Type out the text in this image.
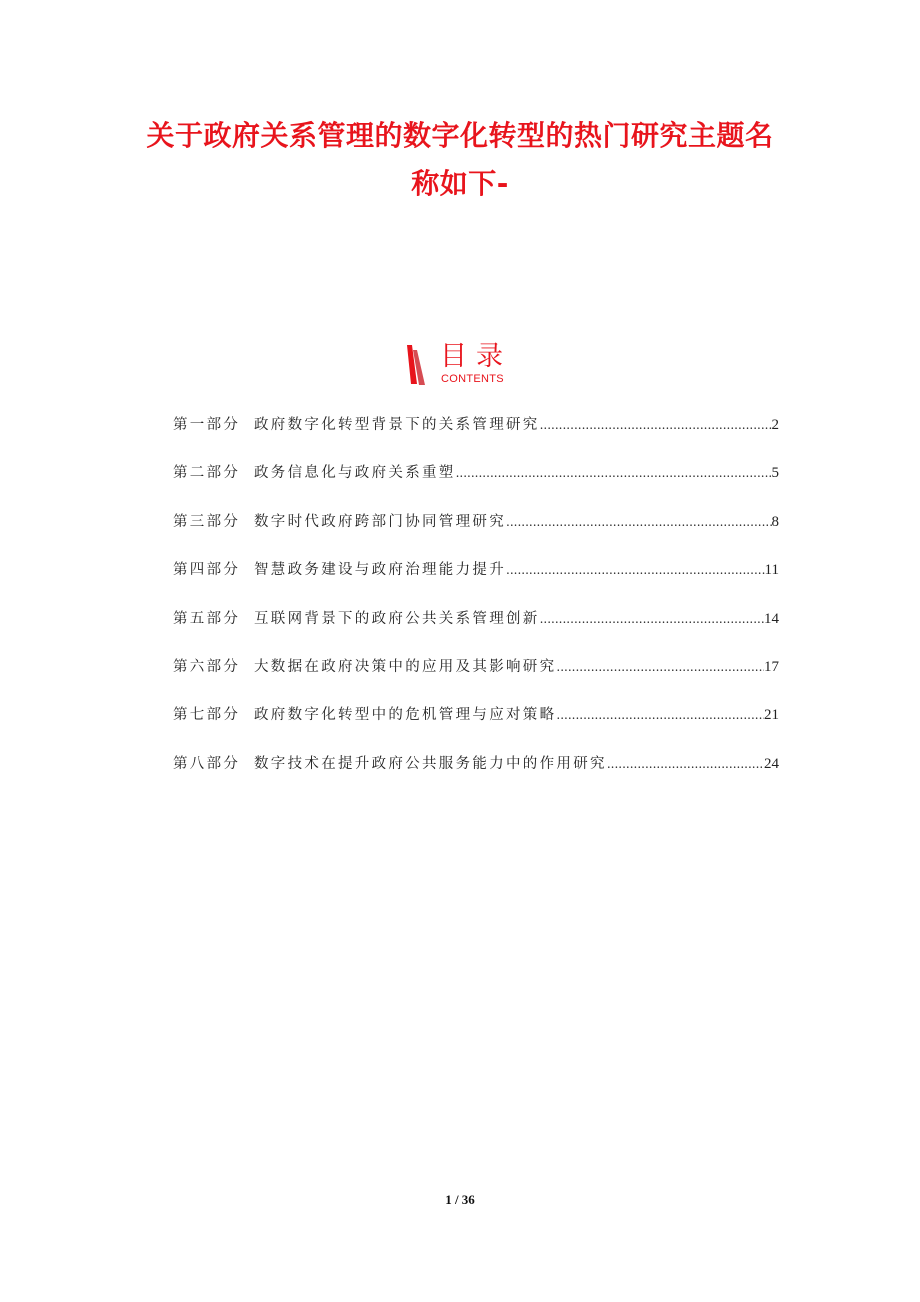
关于政府关系管理的数字化转型的热门研究主题名
称如下-
目录
CONTENTS
第一部分 政府数字化转型背景下的关系管理研究 .....	2
第二部分 政务信息化与政府关系重塑 .....	5
第三部分 数字时代政府跨部门协同管理研究 .....	8
第四部分 智慧政务建设与政府治理能力提升 .....	11
第五部分 互联网背景下的政府公共关系管理创新 .....	14
第六部分 大数据在政府决策中的应用及其影响研究 .....	17
第七部分 政府数字化转型中的危机管理与应对策略 .....	21
第八部分 数字技术在提升政府公共服务能力中的作用研究 .....	24
1 / 36
